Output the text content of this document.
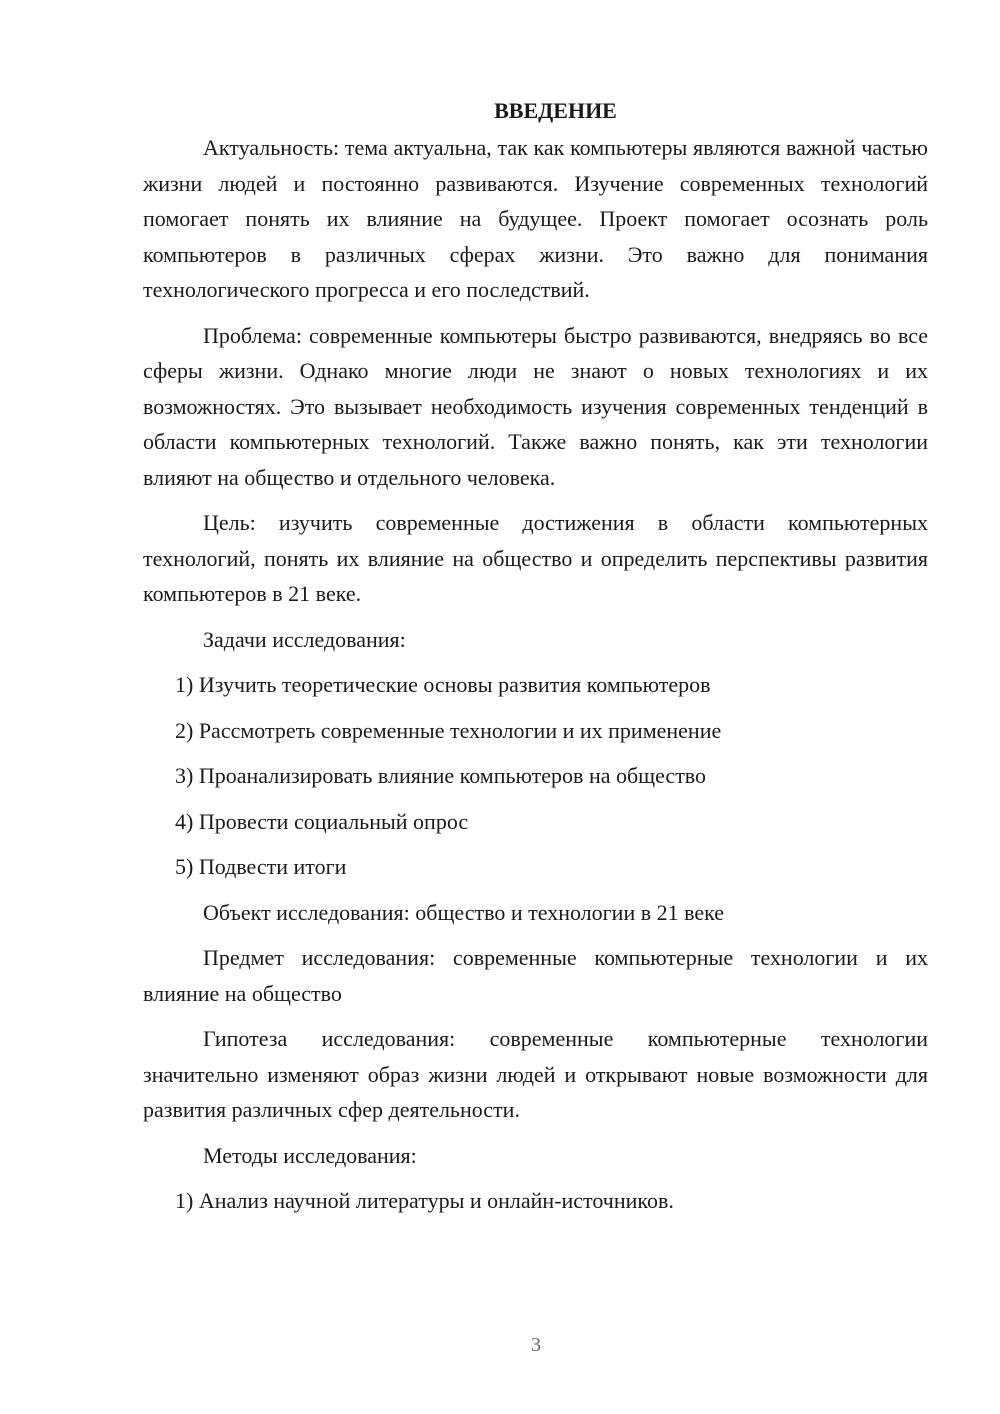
ВВЕДЕНИЕ

Актуальность: тема актуальна, так как компьютеры являются важной частью жизни людей и постоянно развиваются. Изучение современных технологий помогает понять их влияние на будущее. Проект помогает осознать роль компьютеров в различных сферах жизни. Это важно для понимания технологического прогресса и его последствий.

Проблема: современные компьютеры быстро развиваются, внедряясь во все сферы жизни. Однако многие люди не знают о новых технологиях и их возможностях. Это вызывает необходимость изучения современных тенденций в области компьютерных технологий. Также важно понять, как эти технологии влияют на общество и отдельного человека.

Цель: изучить современные достижения в области компьютерных технологий, понять их влияние на общество и определить перспективы развития компьютеров в 21 веке.

Задачи исследования:

1) Изучить теоретические основы развития компьютеров

2) Рассмотреть современные технологии и их применение

3) Проанализировать влияние компьютеров на общество

4) Провести социальный опрос

5) Подвести итоги

Объект исследования: общество и технологии в 21 веке

Предмет исследования: современные компьютерные технологии и их влияние на общество

Гипотеза исследования: современные компьютерные технологии значительно изменяют образ жизни людей и открывают новые возможности для развития различных сфер деятельности.

Методы исследования:

1) Анализ научной литературы и онлайн-источников.

3
